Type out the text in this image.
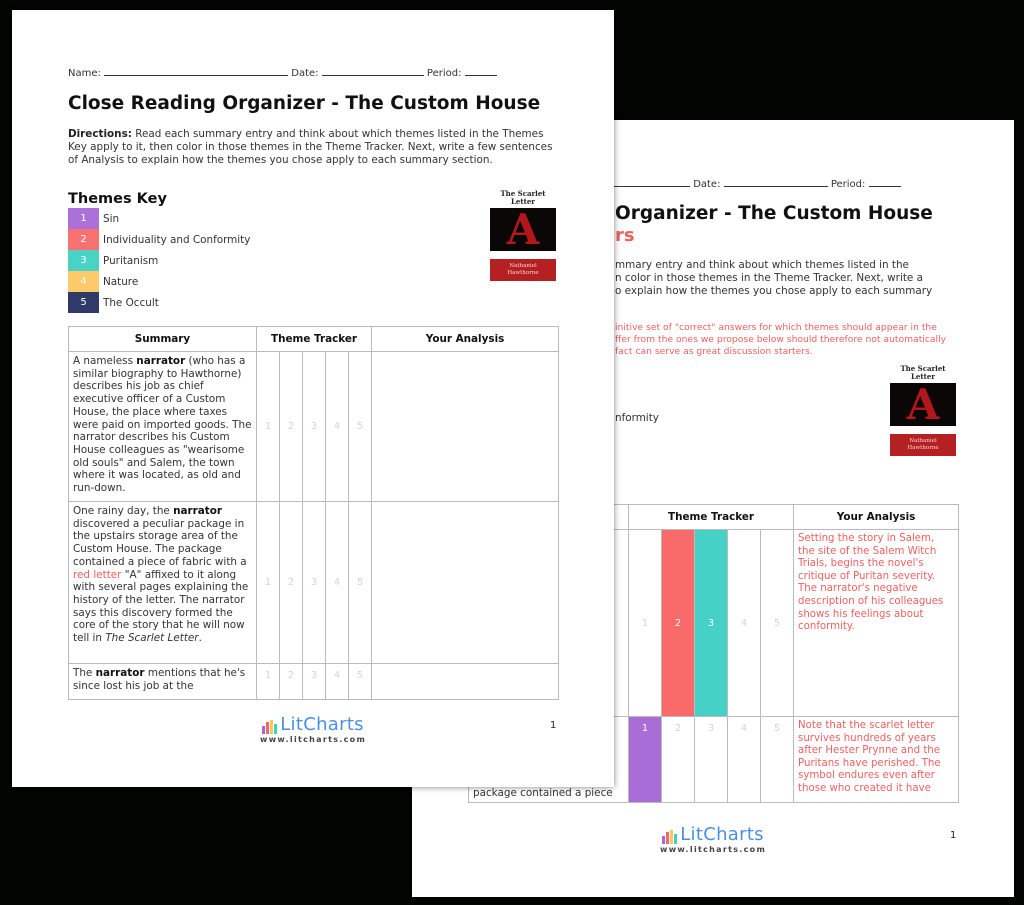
Date:	Period:
Organizer - The Custom House
rs
mmary entry and think about which themes listed in the
n color in those themes in the Theme Tracker. Next, write a
o explain how the themes you chose apply to each summary
initive set of "correct" answers for which themes should appear in the
ffer from the ones we propose below should therefore not automatically
fact can serve as great discussion starters.
nformity
The Scarlet
Letter
A
Nathaniel
Hawthorne
	Theme Tracker					Your Analysis
	1	2	3	4	5	Setting the story in Salem, the site of the Salem Witch Trials, begins the novel's critique of Puritan severity. The narrator's negative description of his colleagues shows his feelings about conformity.
package contained a piece	1	2	3	4	5	Note that the scarlet letter survives hundreds of years after Hester Prynne and the Puritans have perished. The symbol endures even after those who created it have
LitCharts
www.litcharts.com
1
Name:	Date:	Period:
Close Reading Organizer - The Custom House
Directions: Read each summary entry and think about which themes listed in the Themes Key apply to it, then color in those themes in the Theme Tracker. Next, write a few sentences of Analysis to explain how the themes you chose apply to each summary section.
Themes Key
1	Sin
2	Individuality and Conformity
3	Puritanism
4	Nature
5	The Occult
The Scarlet
Letter
A
Nathaniel
Hawthorne
Summary	Theme Tracker					Your Analysis
A nameless narrator (who has a similar biography to Hawthorne) describes his job as chief executive officer of a Custom House, the place where taxes were paid on imported goods. The narrator describes his Custom House colleagues as "wearisome old souls" and Salem, the town where it was located, as old and run-down.	1	2	3	4	5	
One rainy day, the narrator discovered a peculiar package in the upstairs storage area of the Custom House. The package contained a piece of fabric with a red letter "A" affixed to it along with several pages explaining the history of the letter. The narrator says this discovery formed the core of the story that he will now tell in The Scarlet Letter.	1	2	3	4	5	
The narrator mentions that he's since lost his job at the	1	2	3	4	5	
LitCharts
www.litcharts.com
1
